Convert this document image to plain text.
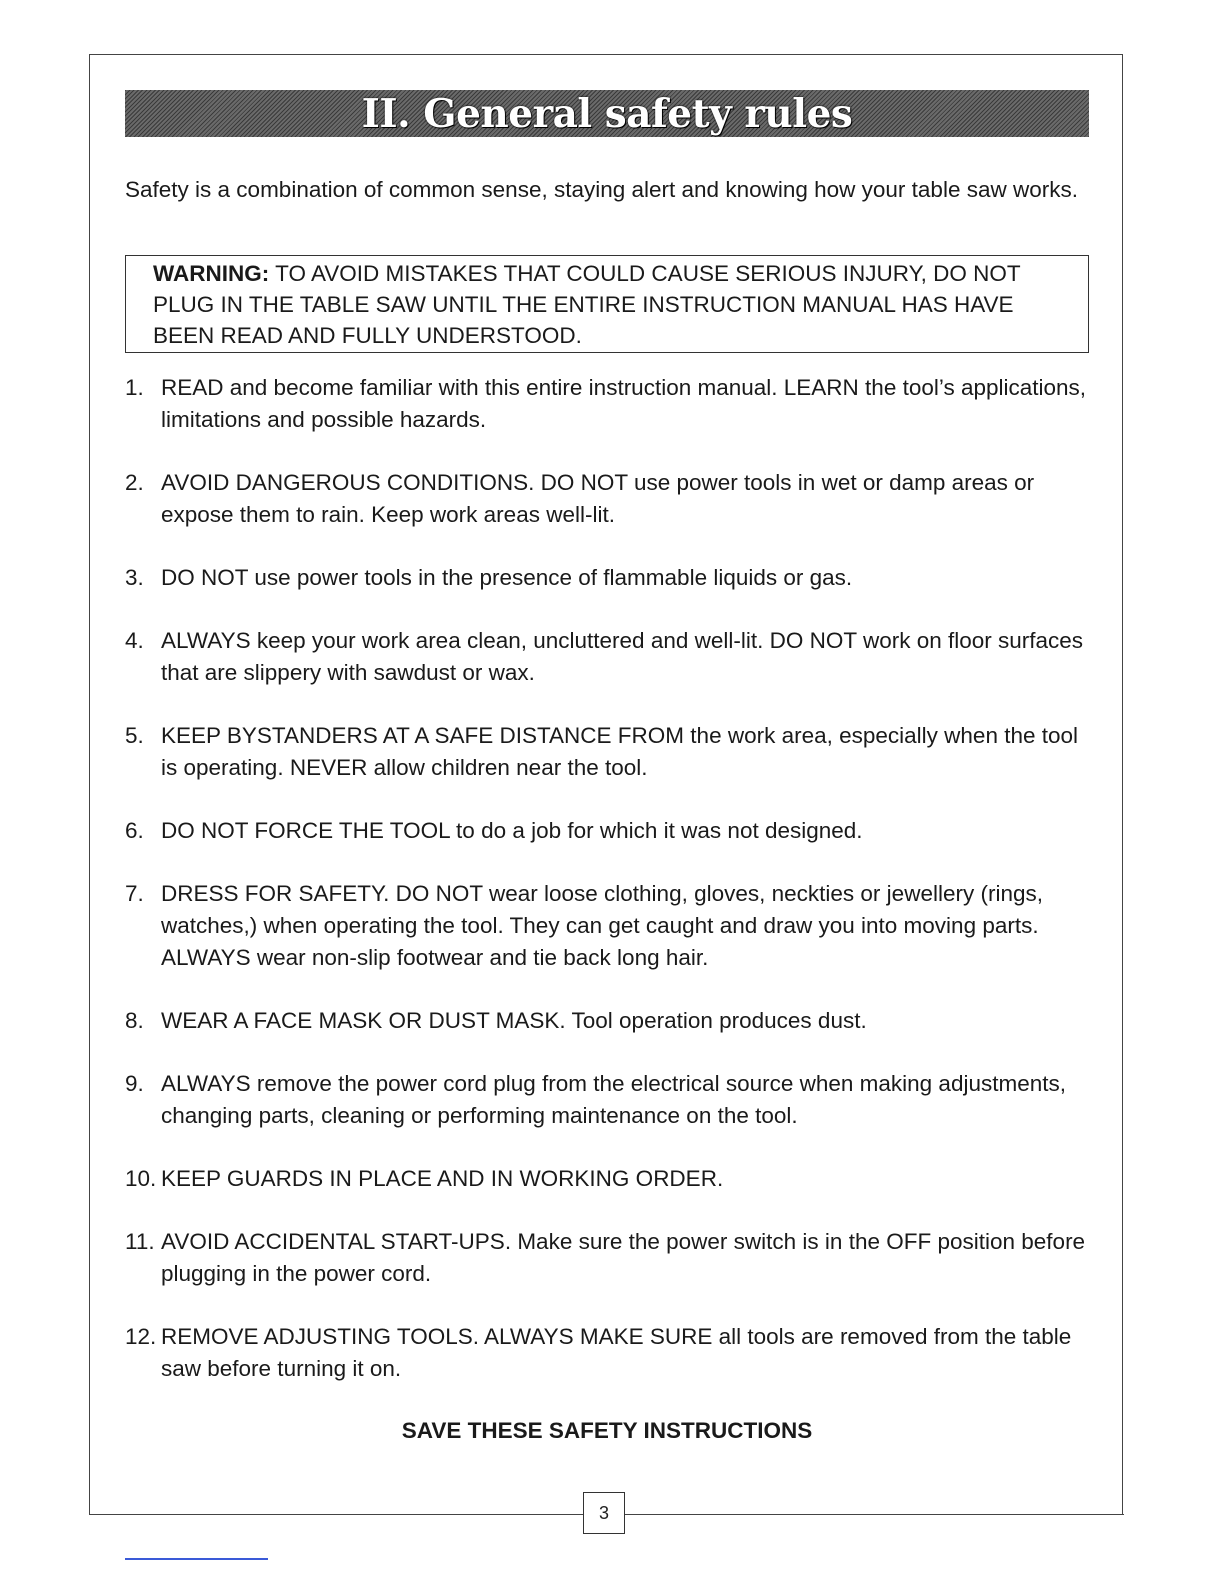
II. General safety rules

Safety is a combination of common sense, staying alert and knowing how your table saw works.

WARNING: TO AVOID MISTAKES THAT COULD CAUSE SERIOUS INJURY, DO NOT PLUG IN THE TABLE SAW UNTIL THE ENTIRE INSTRUCTION MANUAL HAS HAVE BEEN READ AND FULLY UNDERSTOOD.
1. READ and become familiar with this entire instruction manual. LEARN the tool’s applications, limitations and possible hazards.
2. AVOID DANGEROUS CONDITIONS. DO NOT use power tools in wet or damp areas or expose them to rain. Keep work areas well-lit.
3. DO NOT use power tools in the presence of flammable liquids or gas.
4. ALWAYS keep your work area clean, uncluttered and well-lit. DO NOT work on floor surfaces that are slippery with sawdust or wax.
5. KEEP BYSTANDERS AT A SAFE DISTANCE FROM the work area, especially when the tool is operating. NEVER allow children near the tool.
6. DO NOT FORCE THE TOOL to do a job for which it was not designed.
7. DRESS FOR SAFETY. DO NOT wear loose clothing, gloves, neckties or jewellery (rings, watches,) when operating the tool. They can get caught and draw you into moving parts. ALWAYS wear non-slip footwear and tie back long hair.
8. WEAR A FACE MASK OR DUST MASK. Tool operation produces dust.
9. ALWAYS remove the power cord plug from the electrical source when making adjustments, changing parts, cleaning or performing maintenance on the tool.
10. KEEP GUARDS IN PLACE AND IN WORKING ORDER.
11. AVOID ACCIDENTAL START-UPS. Make sure the power switch is in the OFF position before plugging in the power cord.
12. REMOVE ADJUSTING TOOLS. ALWAYS MAKE SURE all tools are removed from the table saw before turning it on.
SAVE THESE SAFETY INSTRUCTIONS
3
